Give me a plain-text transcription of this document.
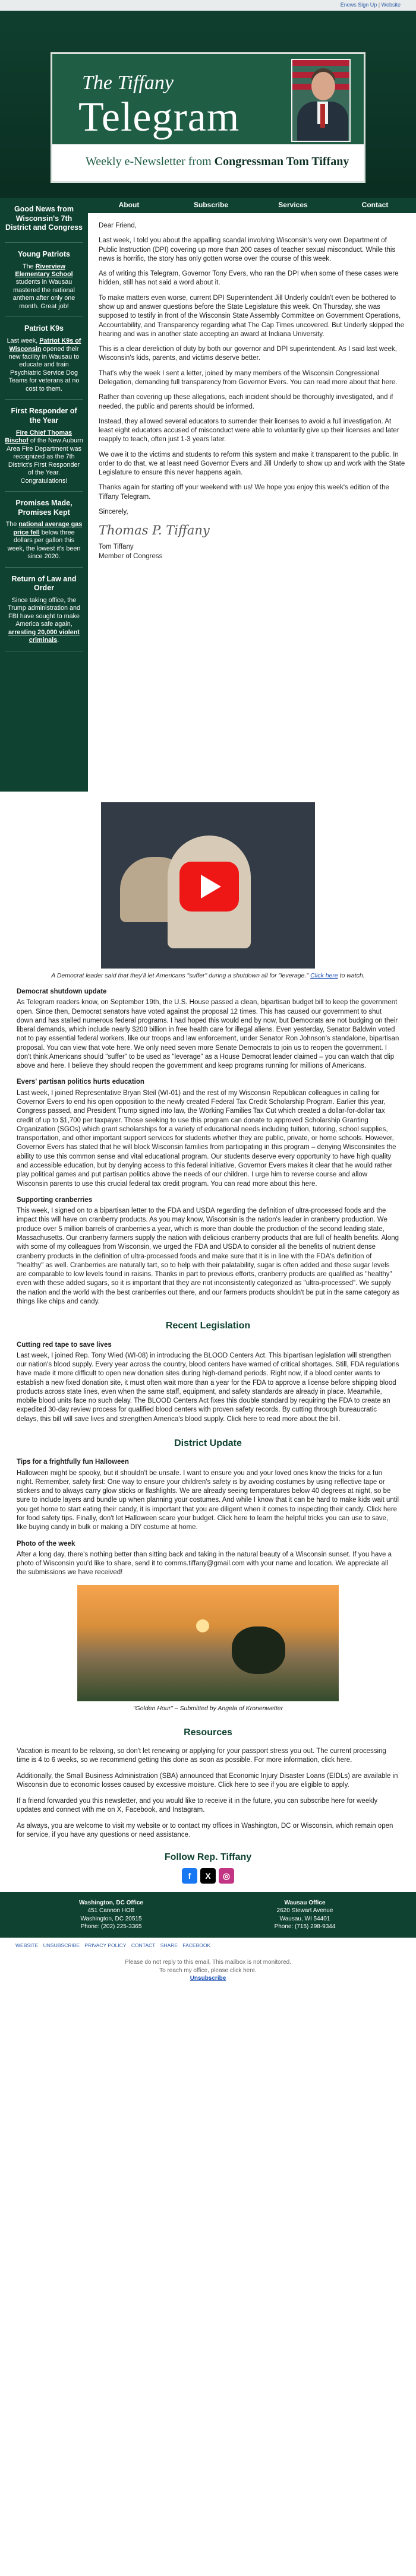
Enews Sign Up | Website
The Tiffany
Telegram
Weekly e-Newsletter from Congressman Tom Tiffany
Good News from Wisconsin's 7th District and Congress
Young Patriots

The Riverview Elementary School students in Wausau mastered the national anthem after only one month. Great job!

Patriot K9s

Last week, Patriot K9s of Wisconsin opened their new facility in Wausau to educate and train Psychiatric Service Dog Teams for veterans at no cost to them.

First Responder of the Year

Fire Chief Thomas Bischof of the New Auburn Area Fire Department was recognized as the 7th District's First Responder of the Year. Congratulations!

Promises Made, Promises Kept

The national average gas price fell below three dollars per gallon this week, the lowest it's been since 2020.

Return of Law and Order

Since taking office, the Trump administration and FBI have sought to make America safe again, arresting 20,000 violent criminals.

About	Subscribe	Services	Contact

Dear Friend,

Last week, I told you about the appalling scandal involving Wisconsin's very own Department of Public Instruction (DPI) covering up more than 200 cases of teacher sexual misconduct. While this news is horrific, the story has only gotten worse over the course of this week.

As of writing this Telegram, Governor Tony Evers, who ran the DPI when some of these cases were hidden, still has not said a word about it.

To make matters even worse, current DPI Superintendent Jill Underly couldn't even be bothered to show up and answer questions before the State Legislature this week. On Thursday, she was supposed to testify in front of the Wisconsin State Assembly Committee on Government Operations, Accountability, and Transparency regarding what The Cap Times uncovered. But Underly skipped the hearing and was in another state accepting an award at Indiana University.

This is a clear dereliction of duty by both our governor and DPI superintendent. As I said last week, Wisconsin's kids, parents, and victims deserve better.

That's why the week I sent a letter, joined by many members of the Wisconsin Congressional Delegation, demanding full transparency from Governor Evers. You can read more about that here.

Rather than covering up these allegations, each incident should be thoroughly investigated, and if needed, the public and parents should be informed.

Instead, they allowed several educators to surrender their licenses to avoid a full investigation. At least eight educators accused of misconduct were able to voluntarily give up their licenses and later reapply to teach, often just 1-3 years later.

We owe it to the victims and students to reform this system and make it transparent to the public. In order to do that, we at least need Governor Evers and Jill Underly to show up and work with the State Legislature to ensure this never happens again.

Thanks again for starting off your weekend with us! We hope you enjoy this week's edition of the Tiffany Telegram.

Sincerely,

Thomas P. Tiffany
Tom Tiffany
Member of Congress
A Democrat leader said that they'll let Americans "suffer" during a shutdown all for "leverage." Click here to watch.
Democrat shutdown update
As Telegram readers know, on September 19th, the U.S. House passed a clean, bipartisan budget bill to keep the government open. Since then, Democrat senators have voted against the proposal 12 times. This has caused our government to shut down and has stalled numerous federal programs. I had hoped this would end by now, but Democrats are not budging on their liberal demands, which include nearly $200 billion in free health care for illegal aliens. Even yesterday, Senator Baldwin voted not to pay essential federal workers, like our troops and law enforcement, under Senator Ron Johnson's standalone, bipartisan proposal. You can view that vote here. We only need seven more Senate Democrats to join us to reopen the government. I don't think Americans should "suffer" to be used as "leverage" as a House Democrat leader claimed – you can watch that clip above and here. I believe they should reopen the government and keep programs running for millions of Americans.
Evers' partisan politics hurts education
Last week, I joined Representative Bryan Steil (WI-01) and the rest of my Wisconsin Republican colleagues in calling for Governor Evers to end his open opposition to the newly created Federal Tax Credit Scholarship Program. Earlier this year, Congress passed, and President Trump signed into law, the Working Families Tax Cut which created a dollar-for-dollar tax credit of up to $1,700 per taxpayer. Those seeking to use this program can donate to approved Scholarship Granting Organization (SGOs) which grant scholarships for a variety of educational needs including tuition, tutoring, school supplies, transportation, and other important support services for students whether they are public, private, or home schools. However, Governor Evers has stated that he will block Wisconsin families from participating in this program – denying Wisconsinites the ability to use this common sense and vital educational program. Our students deserve every opportunity to have high quality and accessible education, but by denying access to this federal initiative, Governor Evers makes it clear that he would rather play political games and put partisan politics above the needs of our children. I urge him to reverse course and allow Wisconsin parents to use this crucial federal tax credit program. You can read more about this here.
Supporting cranberries
This week, I signed on to a bipartisan letter to the FDA and USDA regarding the definition of ultra-processed foods and the impact this will have on cranberry products. As you may know, Wisconsin is the nation's leader in cranberry production. We produce over 5 million barrels of cranberries a year, which is more than double the production of the second leading state, Massachusetts. Our cranberry farmers supply the nation with delicious cranberry products that are full of health benefits. Along with some of my colleagues from Wisconsin, we urged the FDA and USDA to consider all the benefits of nutrient dense cranberry products in the definition of ultra-processed foods and make sure that it is in line with the FDA's definition of "healthy" as well. Cranberries are naturally tart, so to help with their palatability, sugar is often added and these sugar levels are comparable to low levels found in raisins. Thanks in part to previous efforts, cranberry products are qualified as "healthy" even with these added sugars, so it is important that they are not inconsistently categorized as "ultra-processed". We supply the nation and the world with the best cranberries out there, and our farmers products shouldn't be put in the same category as things like chips and candy.
Recent Legislation
Cutting red tape to save lives
Last week, I joined Rep. Tony Wied (WI-08) in introducing the BLOOD Centers Act. This bipartisan legislation will strengthen our nation's blood supply. Every year across the country, blood centers have warned of critical shortages. Still, FDA regulations have made it more difficult to open new donation sites during high-demand periods. Right now, if a blood center wants to establish a new fixed donation site, it must often wait more than a year for the FDA to approve a license before shipping blood products across state lines, even when the same staff, equipment, and safety standards are already in place. Meanwhile, mobile blood units face no such delay. The BLOOD Centers Act fixes this double standard by requiring the FDA to create an expedited 30-day review process for qualified blood centers with proven safety records. By cutting through bureaucratic delays, this bill will save lives and strengthen America's blood supply. Click here to read more about the bill.
District Update
Tips for a frightfully fun Halloween
Halloween might be spooky, but it shouldn't be unsafe. I want to ensure you and your loved ones know the tricks for a fun night. Remember, safety first: One way to ensure your children's safety is by avoiding costumes by using reflective tape or stickers and to always carry glow sticks or flashlights. We are already seeing temperatures below 40 degrees at night, so be sure to include layers and bundle up when planning your costumes. And while I know that it can be hard to make kids wait until you get home to start eating their candy, it is important that you are diligent when it comes to inspecting their candy. Click here for food safety tips. Finally, don't let Halloween scare your budget. Click here to learn the helpful tricks you can use to save, like buying candy in bulk or making a DIY costume at home.
Photo of the week
After a long day, there's nothing better than sitting back and taking in the natural beauty of a Wisconsin sunset. If you have a photo of Wisconsin you'd like to share, send it to comms.tiffany@gmail.com with your name and location. We appreciate all the submissions we have received!
"Golden Hour" – Submitted by Angela of Kronenwetter
Resources

Vacation is meant to be relaxing, so don't let renewing or applying for your passport stress you out. The current processing time is 4 to 6 weeks, so we recommend getting this done as soon as possible. For more information, click here.

Additionally, the Small Business Administration (SBA) announced that Economic Injury Disaster Loans (EIDLs) are available in Wisconsin due to economic losses caused by excessive moisture. Click here to see if you are eligible to apply.

If a friend forwarded you this newsletter, and you would like to receive it in the future, you can subscribe here for weekly updates and connect with me on X, Facebook, and Instagram.

As always, you are welcome to visit my website or to contact my offices in Washington, DC or Wisconsin, which remain open for service, if you have any questions or need assistance.

Follow Rep. Tiffany
f	X	◎
Washington, DC Office
451 Cannon HOB
Washington, DC 20515
Phone: (202) 225-3365
Wausau Office
2620 Stewart Avenue
Wausau, WI 54401
Phone: (715) 298-9344
WEBSITE UNSUBSCRIBE PRIVACY POLICY CONTACT SHARE FACEBOOK
Please do not reply to this email. This mailbox is not monitored.
To reach my office, please click here.
Unsubscribe
